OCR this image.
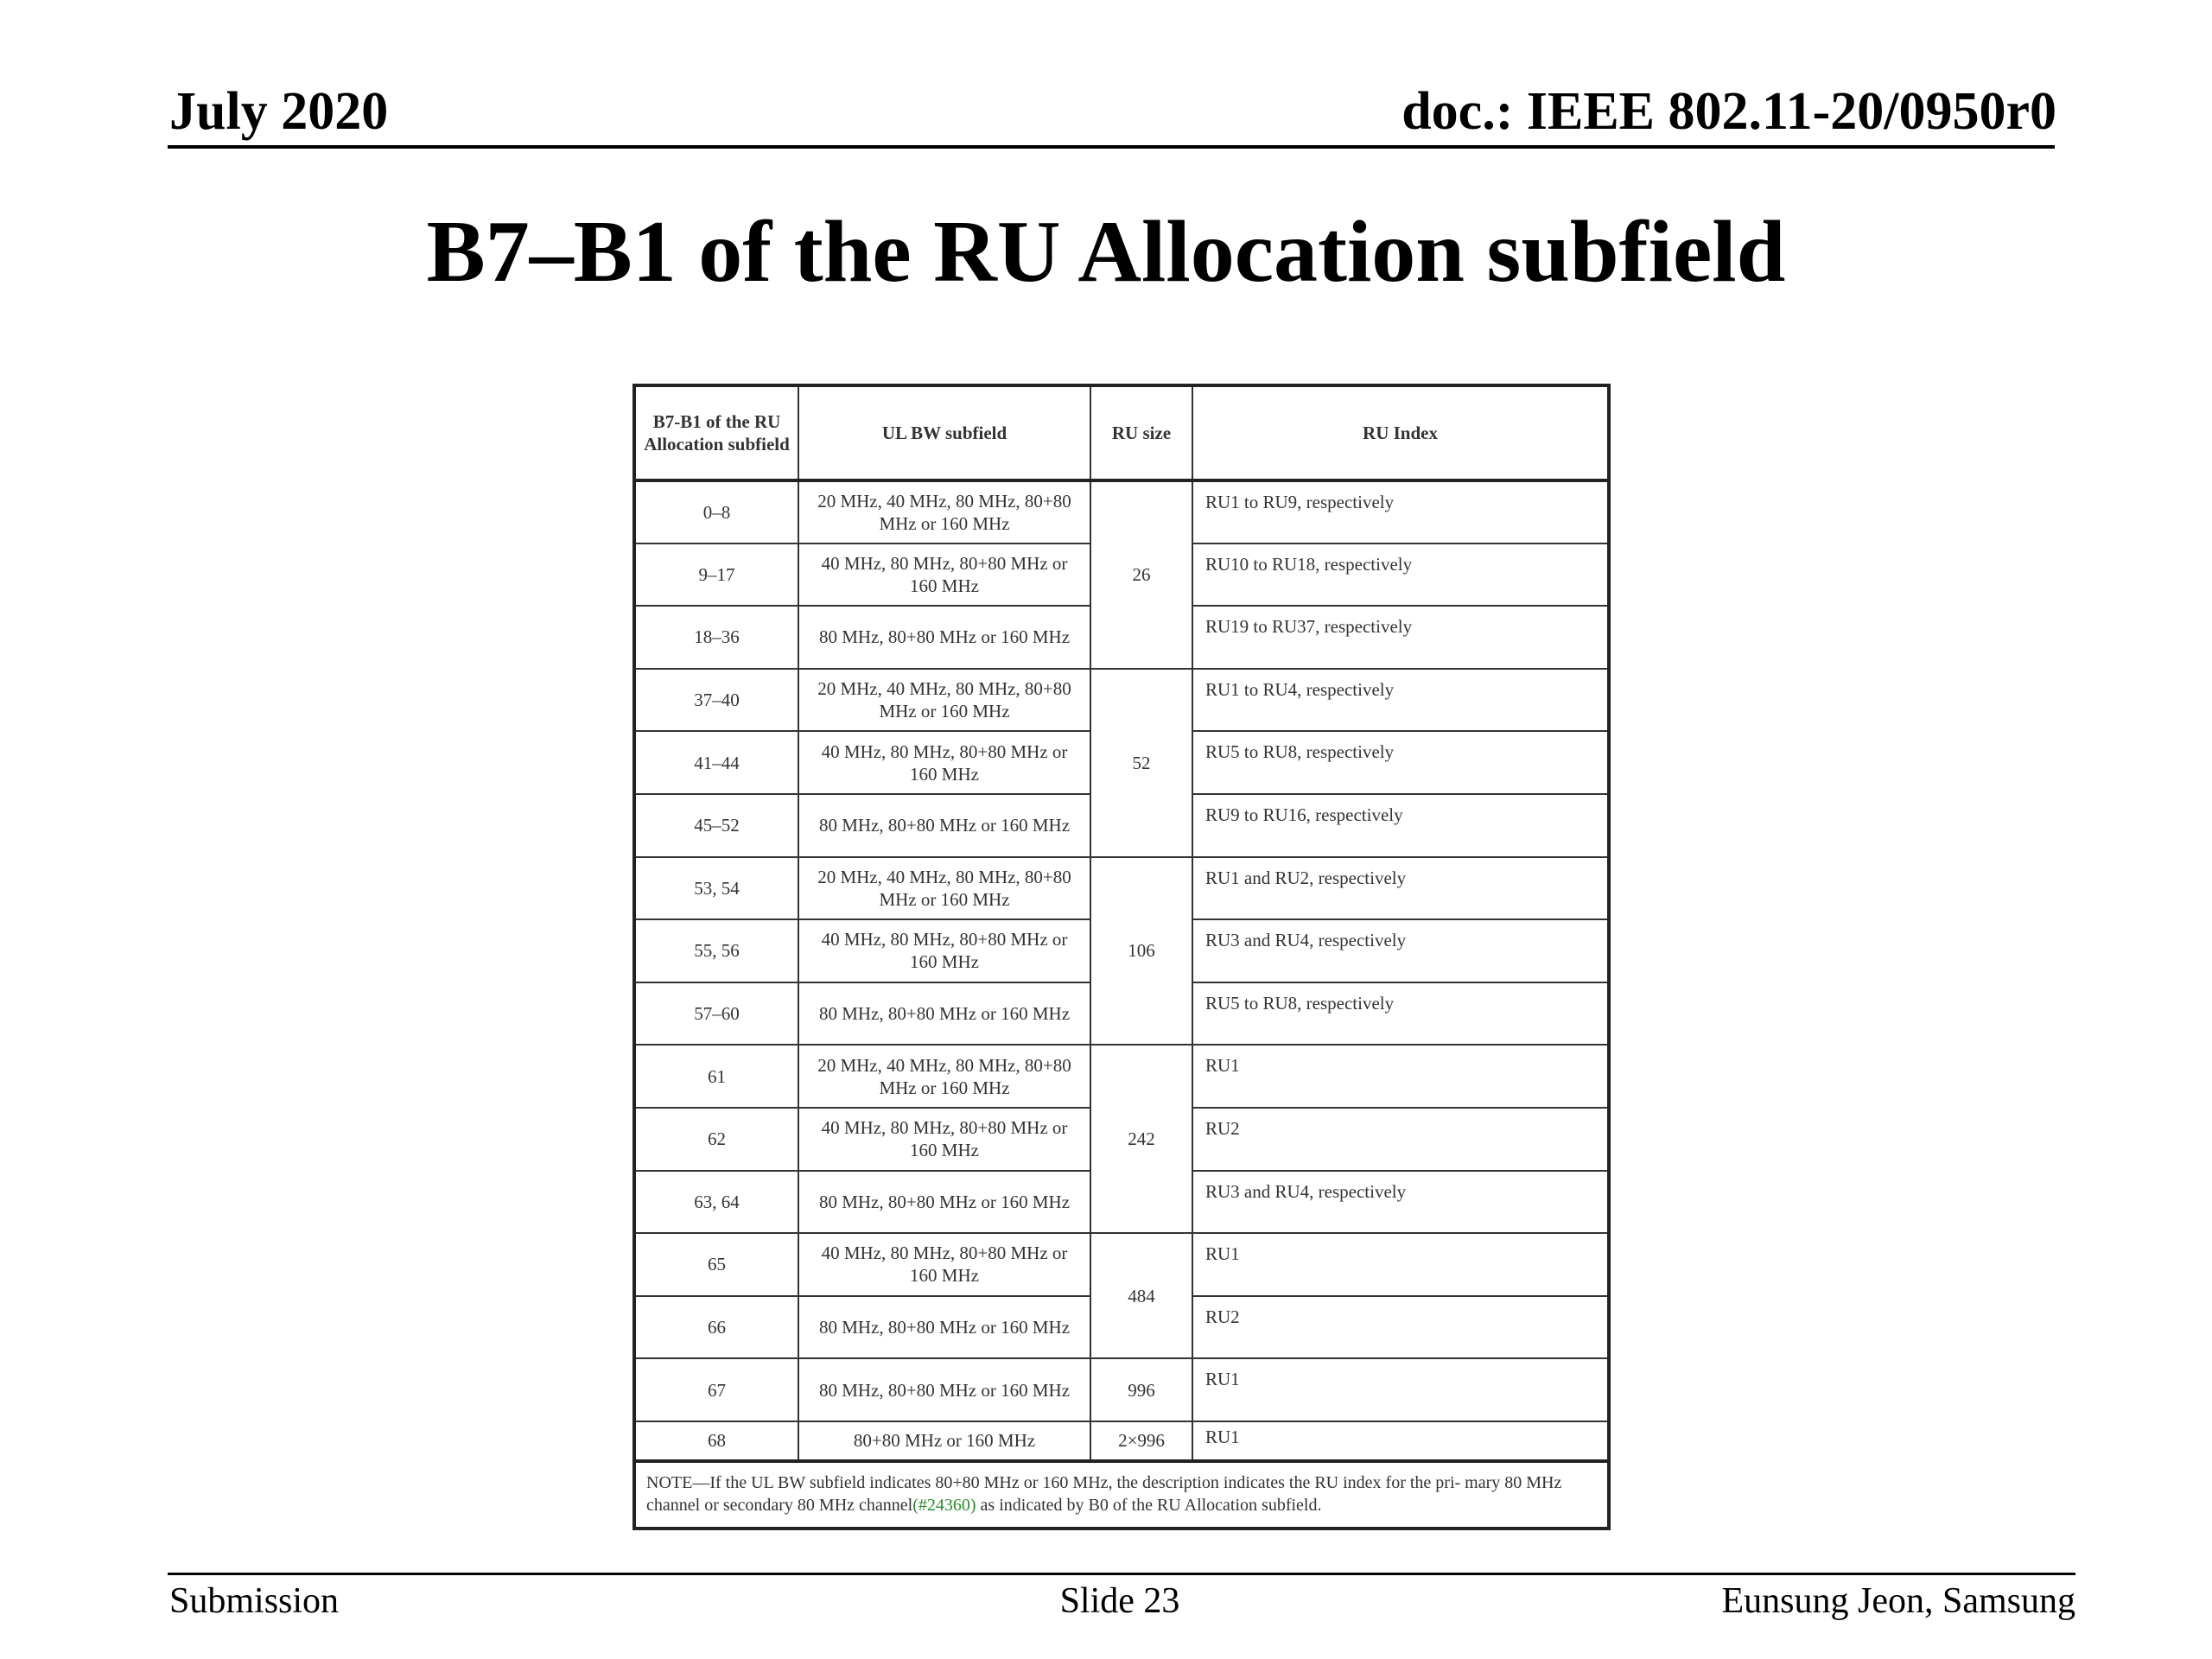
July 2020	doc.: IEEE 802.11-20/0950r0
B7–B1 of the RU Allocation subfield
B7-B1 of the RU Allocation subfield	UL BW subfield	RU size	RU Index
0–8	20 MHz, 40 MHz, 80 MHz, 80+80 MHz or 160 MHz	26	RU1 to RU9, respectively
9–17	40 MHz, 80 MHz, 80+80 MHz or 160 MHz		RU10 to RU18, respectively
18–36	80 MHz, 80+80 MHz or 160 MHz		RU19 to RU37, respectively
37–40	20 MHz, 40 MHz, 80 MHz, 80+80 MHz or 160 MHz	52	RU1 to RU4, respectively
41–44	40 MHz, 80 MHz, 80+80 MHz or 160 MHz		RU5 to RU8, respectively
45–52	80 MHz, 80+80 MHz or 160 MHz		RU9 to RU16, respectively
53, 54	20 MHz, 40 MHz, 80 MHz, 80+80 MHz or 160 MHz	106	RU1 and RU2, respectively
55, 56	40 MHz, 80 MHz, 80+80 MHz or 160 MHz		RU3 and RU4, respectively
57–60	80 MHz, 80+80 MHz or 160 MHz		RU5 to RU8, respectively
61	20 MHz, 40 MHz, 80 MHz, 80+80 MHz or 160 MHz	242	RU1
62	40 MHz, 80 MHz, 80+80 MHz or 160 MHz		RU2
63, 64	80 MHz, 80+80 MHz or 160 MHz		RU3 and RU4, respectively
65	40 MHz, 80 MHz, 80+80 MHz or 160 MHz	484	RU1
66	80 MHz, 80+80 MHz or 160 MHz		RU2
67	80 MHz, 80+80 MHz or 160 MHz	996	RU1
68	80+80 MHz or 160 MHz	2×996	RU1
NOTE—If the UL BW subfield indicates 80+80 MHz or 160 MHz, the description indicates the RU index for the pri- mary 80 MHz channel or secondary 80 MHz channel(#24360) as indicated by B0 of the RU Allocation subfield.			
Submission	Slide 23	Eunsung Jeon, Samsung
